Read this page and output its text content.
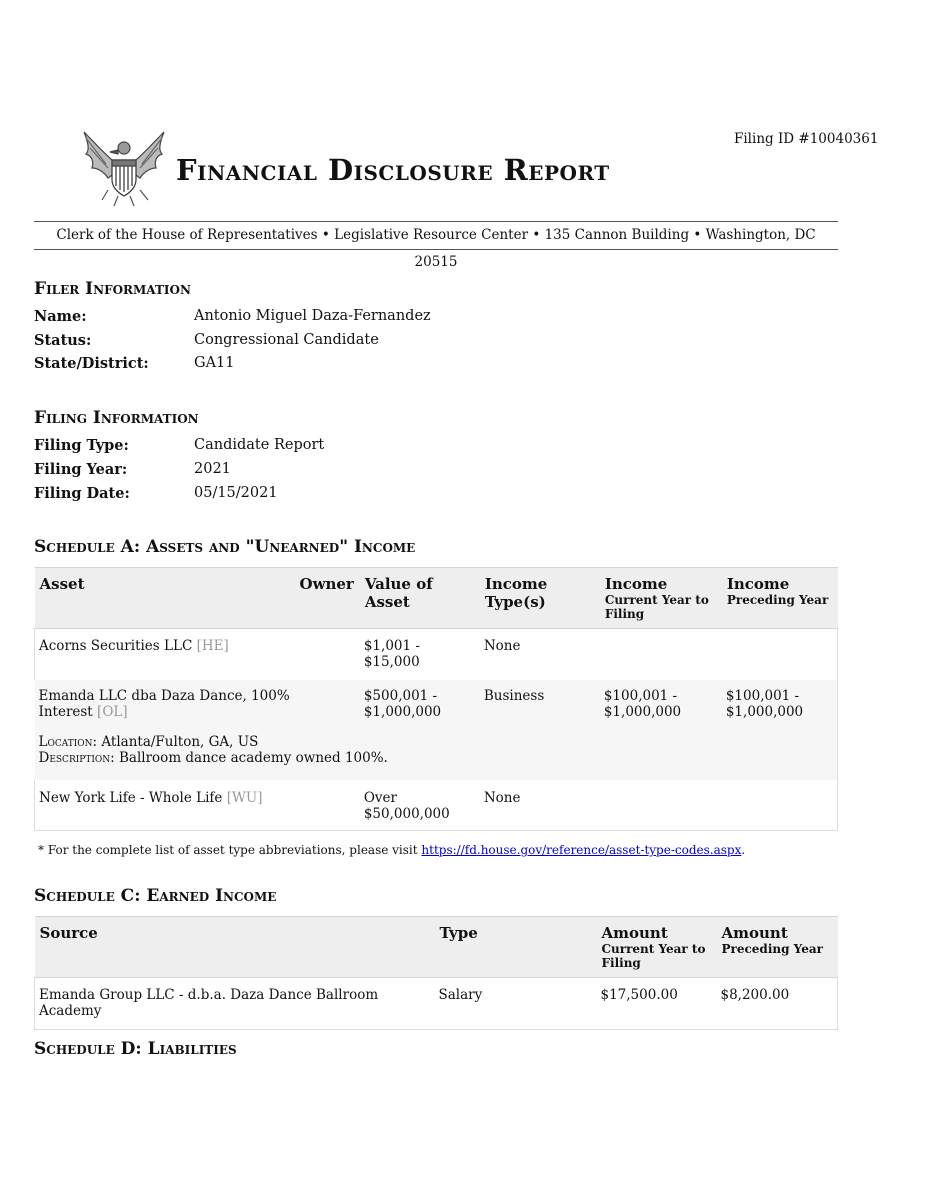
Filing ID #10040361
Financial Disclosure Report
Clerk of the House of Representatives • Legislative Resource Center • 135 Cannon Building • Washington, DC 20515
Filer Information
Name:	Antonio Miguel Daza-Fernandez
Status:	Congressional Candidate
State/District:	GA11
Filing Information
Filing Type:	Candidate Report
Filing Year:	2021
Filing Date:	05/15/2021
Schedule A: Assets and "Unearned" Income
Asset	Owner	Value of Asset	Income Type(s)	Income
Current Year to Filing	Income
Preceding Year

Acorns Securities LLC [HE]		$1,001 - $15,000	None		
Emanda LLC dba Daza Dance, 100% Interest [OL]		$500,001 - $1,000,000	Business	$100,001 - $1,000,000	$100,001 - $1,000,000

Location: Atlanta/Fulton, GA, US
Description: Ballroom dance academy owned 100%.					

New York Life - Whole Life [WU]		Over $50,000,000	None		
* For the complete list of asset type abbreviations, please visit https://fd.house.gov/reference/asset-type-codes.aspx.
Schedule C: Earned Income
Source	Type	Amount
Current Year to Filing	Amount
Preceding Year

Emanda Group LLC - d.b.a. Daza Dance Ballroom Academy	Salary	$17,500.00	$8,200.00
Schedule D: Liabilities
